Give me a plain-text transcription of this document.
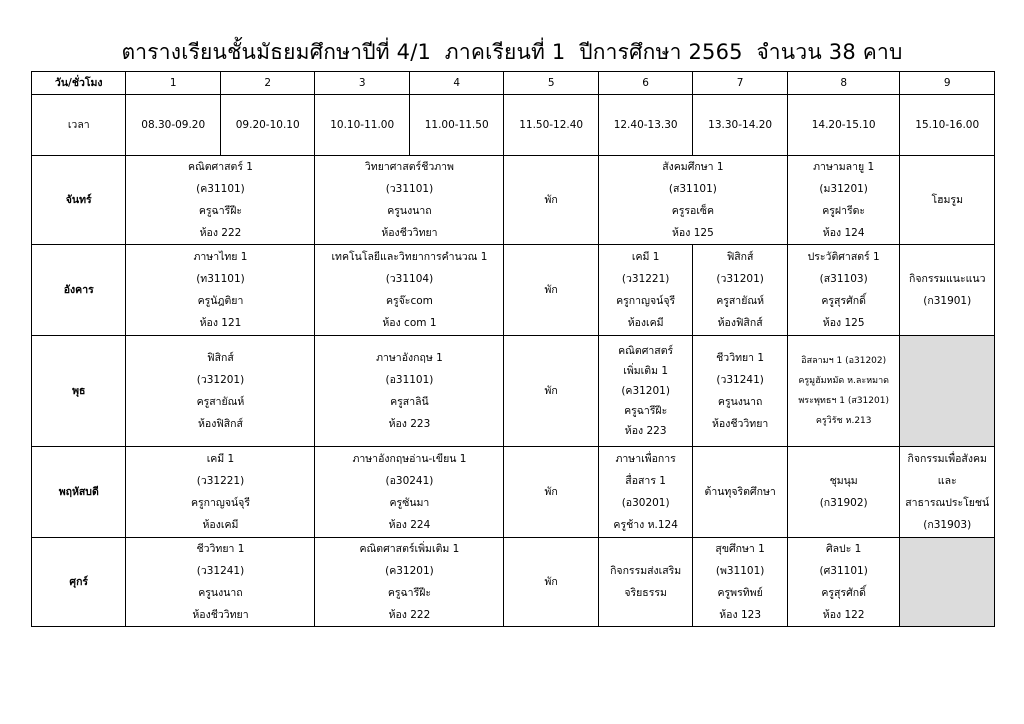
ตารางเรียนชั้นมัธยมศึกษาปีที่ 4/1  ภาคเรียนที่ 1  ปีการศึกษา 2565  จำนวน 38 คาบ
วัน/ชั่วโมง	1	2	3	4	5	6	7	8	9
เวลา	08.30-09.20	09.20-10.10	10.10-11.00	11.00-11.50	11.50-12.40	12.40-13.30	13.30-14.20	14.20-15.10	15.10-16.00
จันทร์	คณิตศาสตร์ 1
(ค31101)
ครูฉารีฝีะ
ห้อง 222		วิทยาศาสตร์ชีวภาพ
(ว31101)
ครูนงนาถ
ห้องชีววิทยา		พัก	สังคมศึกษา 1
(ส31101)
ครูรอเซ็ค
ห้อง 125		ภาษามลายู 1
(ม31201)
ครูฝารีดะ
ห้อง 124	โฮมรูม

อังคาร	ภาษาไทย 1
(ท31101)
ครูนัฎติยา
ห้อง 121		เทคโนโลยีและวิทยาการคำนวณ 1
(ว31104)
ครูจ๊ะcom
ห้อง com 1		พัก	เคมี 1
(ว31221)
ครูกาญจน์จุรี
ห้องเคมี	ฟิสิกส์
(ว31201)
ครูสายัณห์
ห้องฟิสิกส์	ประวัติศาสตร์ 1
(ส31103)
ครูสุรศักดิ์
ห้อง 125	กิจกรรมแนะแนว
(ก31901)

พุธ	ฟิสิกส์
(ว31201)
ครูสายัณห์
ห้องฟิสิกส์		ภาษาอังกฤษ 1
(อ31101)
ครูสาลินี
ห้อง 223		พัก	คณิตศาสตร์
เพิ่มเติม 1
(ค31201)
ครูฉารีฝีะ
ห้อง 223	ชีววิทยา 1
(ว31241)
ครูนงนาถ
ห้องชีววิทยา	อิสลามฯ 1 (อ31202)
ครูมูฮัมหมัด ห.ละหมาด
พระพุทธฯ 1 (ส31201)
ครูวิรัช ห.213	

พฤหัสบดี	เคมี 1
(ว31221)
ครูกาญจน์จุรี
ห้องเคมี		ภาษาอังกฤษอ่าน-เขียน 1
(อ30241)
ครูซันมา
ห้อง 224		พัก	ภาษาเพื่อการ
สื่อสาร 1
(อ30201)
ครูช้าง ห.124	ต้านทุจริตศึกษา	ชุมนุม
(ก31902)	กิจกรรมเพื่อสังคม
และ
สาธารณประโยชน์
(ก31903)

ศุกร์	ชีววิทยา 1
(ว31241)
ครูนงนาถ
ห้องชีววิทยา		คณิตศาสตร์เพิ่มเติม 1
(ค31201)
ครูฉารีฝีะ
ห้อง 222		พัก	กิจกรรมส่งเสริม
จริยธรรม	สุขศึกษา 1
(พ31101)
ครูพรทิพย์
ห้อง 123	ศิลปะ 1
(ศ31101)
ครูสุรศักดิ์
ห้อง 122	
